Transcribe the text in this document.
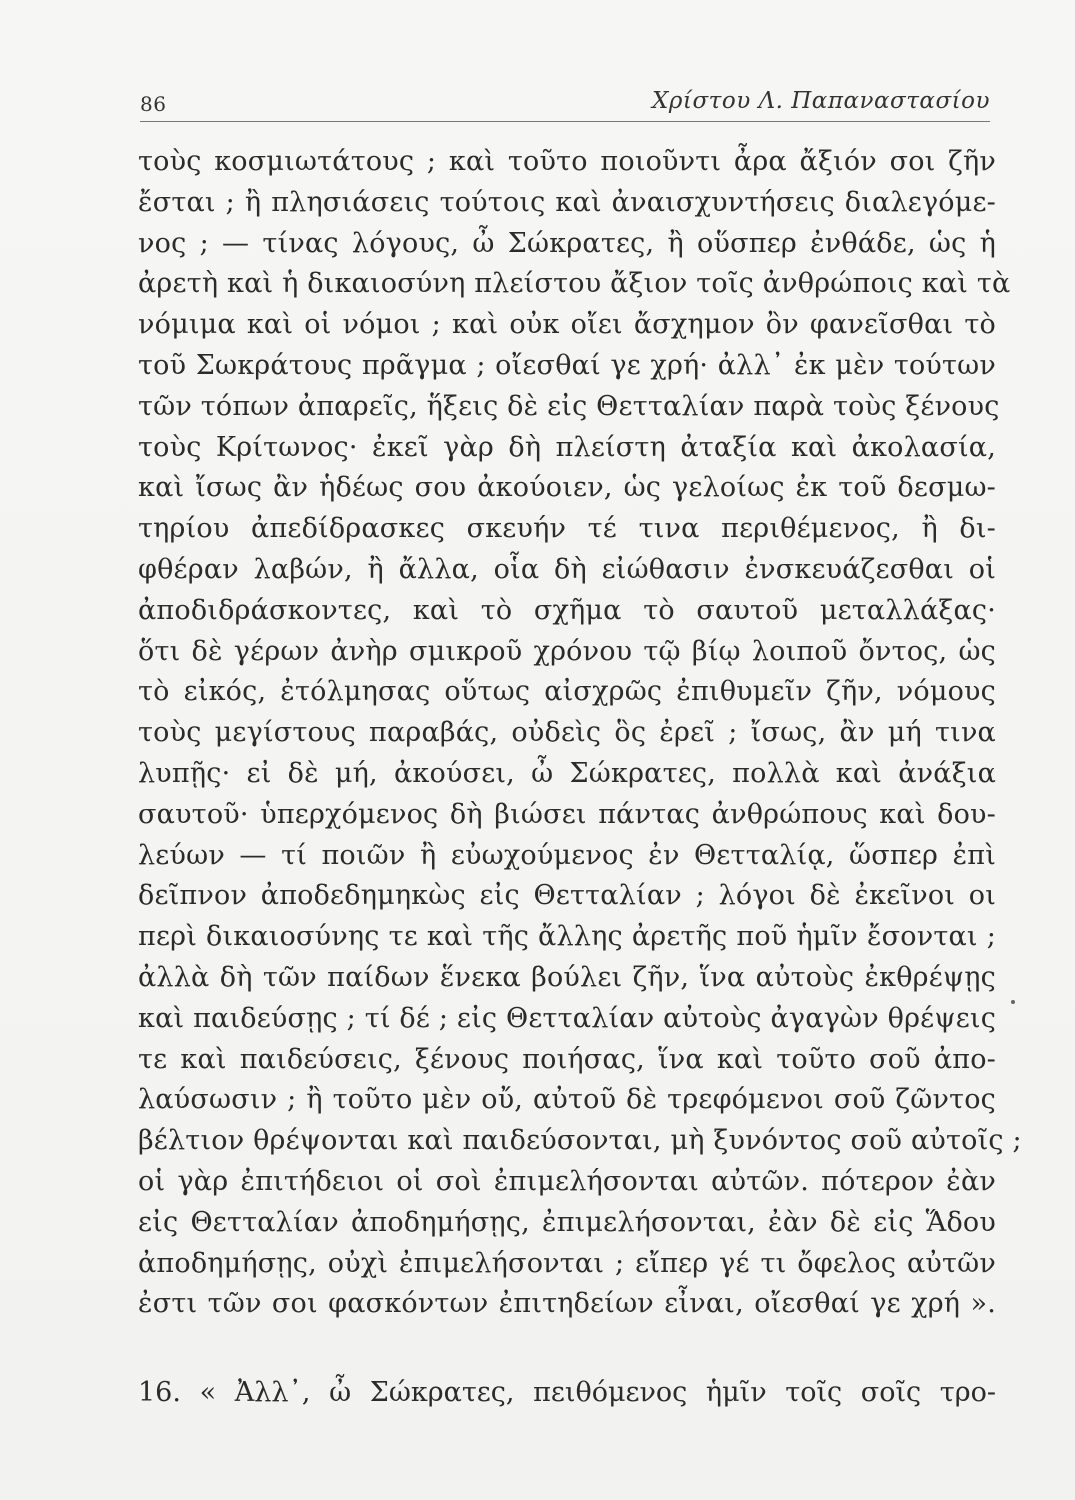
86	Χρίστου Λ. Παπαναστασίου
τοὺς κοσμιωτάτους ; καὶ τοῦτο ποιοῦντι ἆρα ἄξιόν σοι ζῆν
ἔσται ; ἢ πλησιάσεις τούτοις καὶ ἀναισχυντήσεις διαλεγόμε-
νος ; — τίνας λόγους, ὦ Σώκρατες, ἢ οὕσπερ ἐνθάδε, ὡς ἡ
ἀρετὴ καὶ ἡ δικαιοσύνη πλείστου ἄξιον τοῖς ἀνθρώποις καὶ τὰ
νόμιμα καὶ οἱ νόμοι ; καὶ οὐκ οἴει ἄσχημον ὂν φανεῖσθαι τὸ
τοῦ Σωκράτους πρᾶγμα ; οἴεσθαί γε χρή· ἀλλ᾽ ἐκ μὲν τούτων
τῶν τόπων ἀπαρεῖς, ἥξεις δὲ εἰς Θετταλίαν παρὰ τοὺς ξένους
τοὺς Κρίτωνος· ἐκεῖ γὰρ δὴ πλείστη ἀταξία καὶ ἀκολασία,
καὶ ἴσως ἂν ἡδέως σου ἀκούοιεν, ὡς γελοίως ἐκ τοῦ δεσμω-
τηρίου ἀπεδίδρασκες σκευήν τέ τινα περιθέμενος, ἢ δι-
φθέραν λαβών, ἢ ἄλλα, οἷα δὴ εἰώθασιν ἐνσκευάζεσθαι οἱ
ἀποδιδράσκοντες, καὶ τὸ σχῆμα τὸ σαυτοῦ μεταλλάξας·
ὅτι δὲ γέρων ἀνὴρ σμικροῦ χρόνου τῷ βίῳ λοιποῦ ὄντος, ὡς
τὸ εἰκός, ἐτόλμησας οὕτως αἰσχρῶς ἐπιθυμεῖν ζῆν, νόμους
τοὺς μεγίστους παραβάς, οὐδεὶς ὃς ἐρεῖ ; ἴσως, ἂν μή τινα
λυπῇς· εἰ δὲ μή, ἀκούσει, ὦ Σώκρατες, πολλὰ καὶ ἀνάξια
σαυτοῦ· ὑπερχόμενος δὴ βιώσει πάντας ἀνθρώπους καὶ δου-
λεύων — τί ποιῶν ἢ εὐωχούμενος ἐν Θετταλίᾳ, ὥσπερ ἐπὶ
δεῖπνον ἀποδεδημηκὼς εἰς Θετταλίαν ; λόγοι δὲ ἐκεῖνοι οι
περὶ δικαιοσύνης τε καὶ τῆς ἄλλης ἀρετῆς ποῦ ἡμῖν ἔσονται ;
ἀλλὰ δὴ τῶν παίδων ἕνεκα βούλει ζῆν, ἵνα αὐτοὺς ἐκθρέψῃς
καὶ παιδεύσῃς ; τί δέ ; εἰς Θετταλίαν αὐτοὺς ἀγαγὼν θρέψεις
τε καὶ παιδεύσεις, ξένους ποιήσας, ἵνα καὶ τοῦτο σοῦ ἀπο-
λαύσωσιν ; ἢ τοῦτο μὲν οὔ, αὐτοῦ δὲ τρεφόμενοι σοῦ ζῶντος
βέλτιον θρέψονται καὶ παιδεύσονται, μὴ ξυνόντος σοῦ αὐτοῖς ;
οἱ γὰρ ἐπιτήδειοι οἱ σοὶ ἐπιμελήσονται αὐτῶν. πότερον ἐὰν
εἰς Θετταλίαν ἀποδημήσῃς, ἐπιμελήσονται, ἐὰν δὲ εἰς Ἅδου
ἀποδημήσῃς, οὐχὶ ἐπιμελήσονται ; εἴπερ γέ τι ὄφελος αὐτῶν
ἐστι τῶν σοι φασκόντων ἐπιτηδείων εἶναι, οἴεσθαί γε χρή ».
16. « Ἀλλ᾽, ὦ Σώκρατες, πειθόμενος ἡμῖν τοῖς σοῖς τρο-
